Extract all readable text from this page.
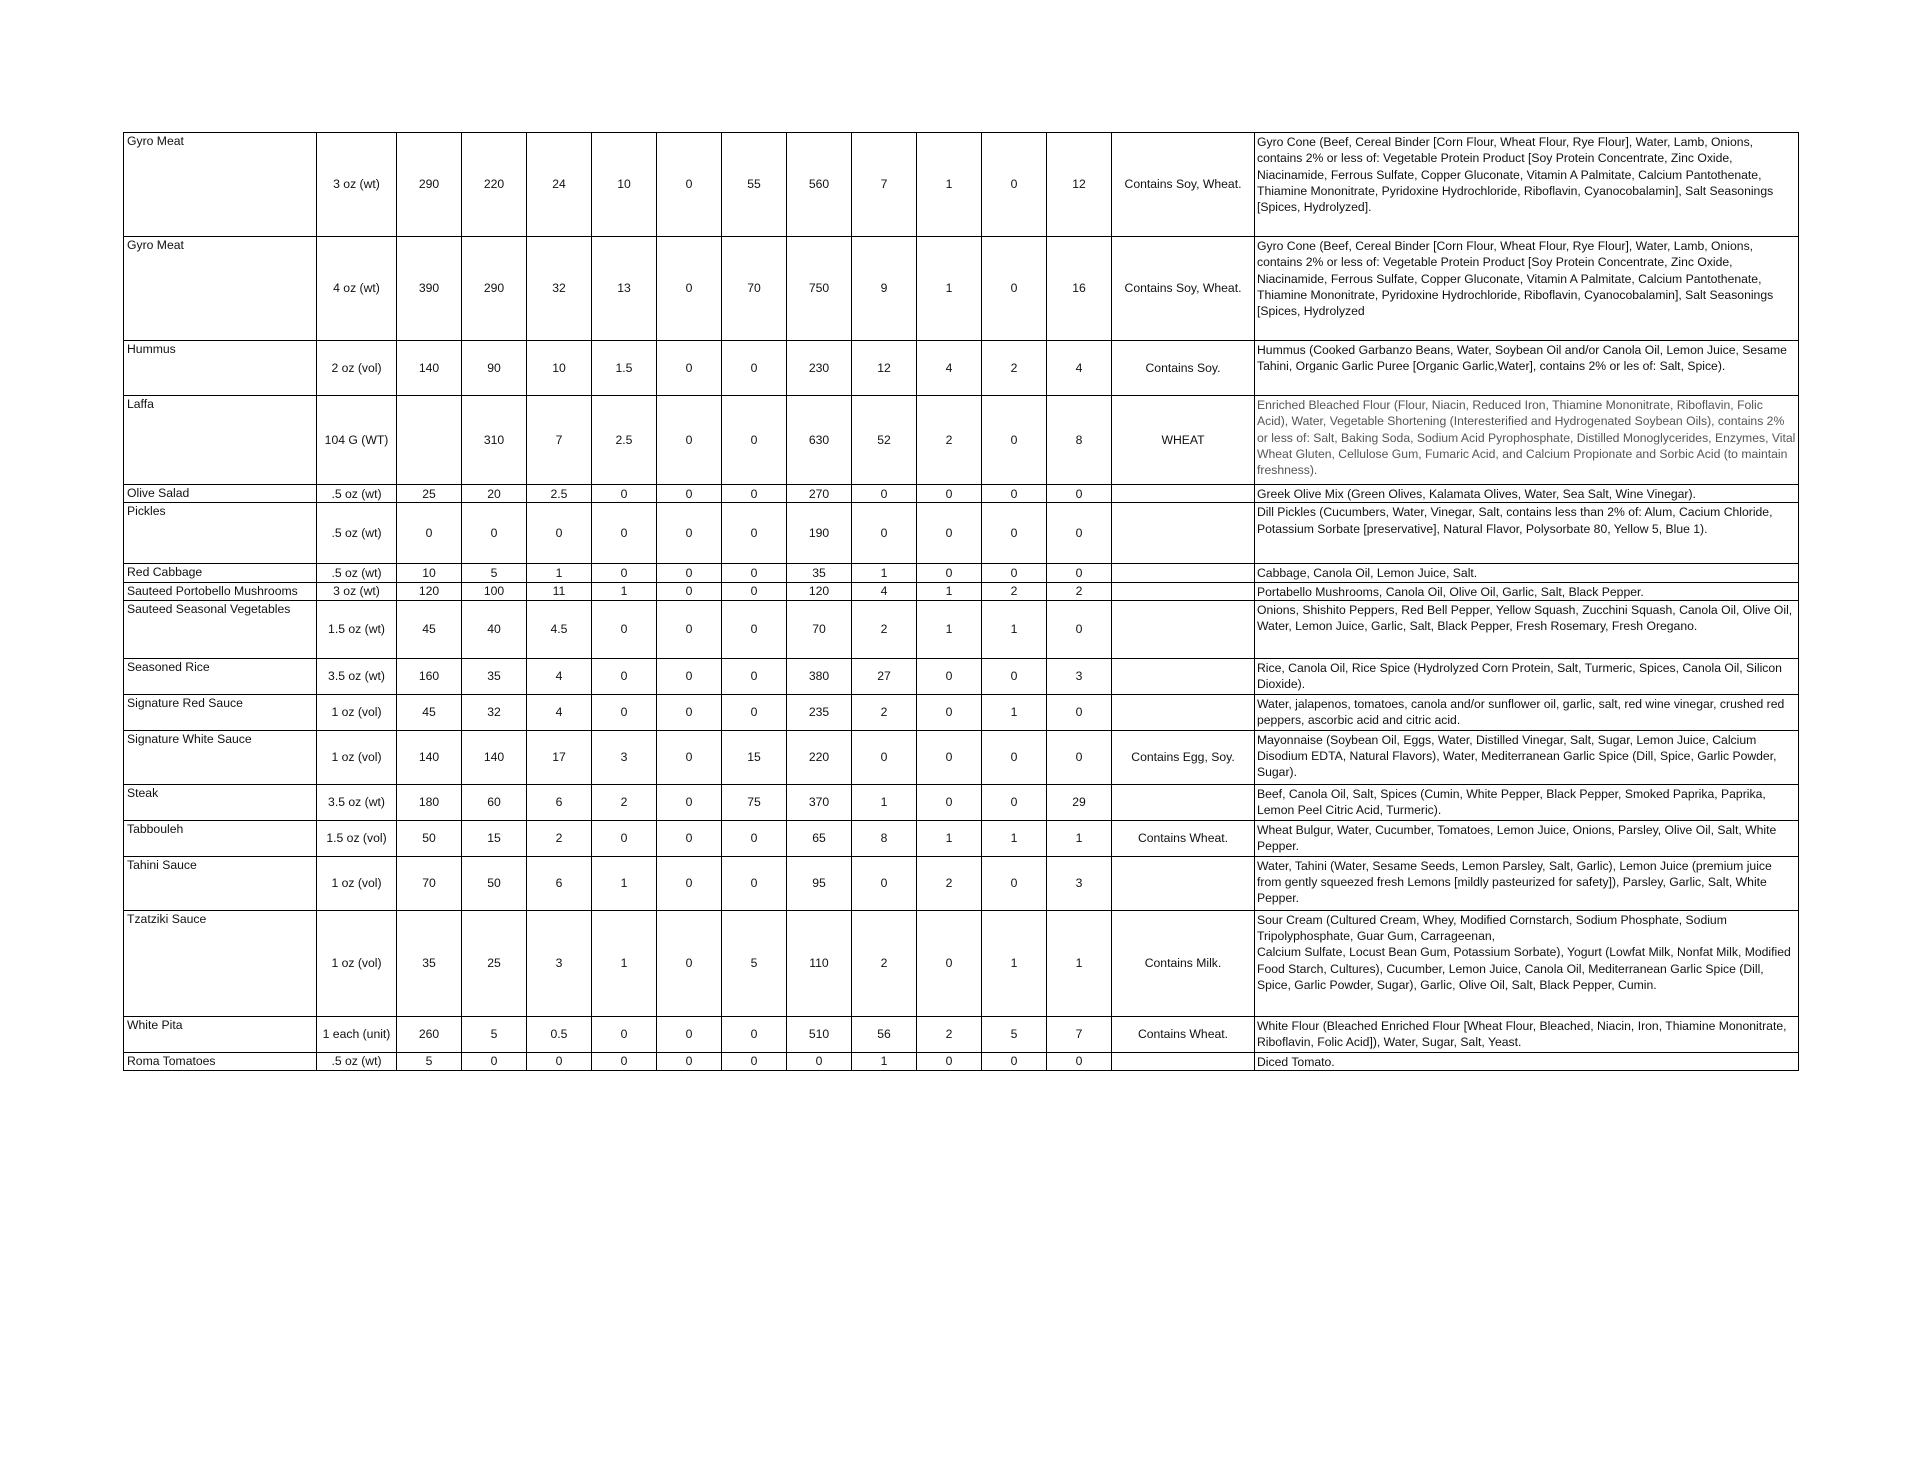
Gyro Meat	3 oz (wt)	290	220	24	10	0	55	560	7	1	0	12	Contains Soy, Wheat.	Gyro Cone (Beef, Cereal Binder [Corn Flour, Wheat Flour, Rye Flour], Water, Lamb, Onions, contains 2% or less of: Vegetable Protein Product [Soy Protein Concentrate, Zinc Oxide, Niacinamide, Ferrous Sulfate, Copper Gluconate, Vitamin A Palmitate, Calcium Pantothenate, Thiamine Mononitrate, Pyridoxine Hydrochloride, Riboflavin, Cyanocobalamin], Salt Seasonings [Spices, Hydrolyzed].
Gyro Meat	4 oz (wt)	390	290	32	13	0	70	750	9	1	0	16	Contains Soy, Wheat.	Gyro Cone (Beef, Cereal Binder [Corn Flour, Wheat Flour, Rye Flour], Water, Lamb, Onions, contains 2% or less of: Vegetable Protein Product [Soy Protein Concentrate, Zinc Oxide, Niacinamide, Ferrous Sulfate, Copper Gluconate, Vitamin A Palmitate, Calcium Pantothenate, Thiamine Mononitrate, Pyridoxine Hydrochloride, Riboflavin, Cyanocobalamin], Salt Seasonings [Spices, Hydrolyzed
Hummus	2 oz (vol)	140	90	10	1.5	0	0	230	12	4	2	4	Contains Soy.	Hummus (Cooked Garbanzo Beans, Water, Soybean Oil and/or Canola Oil, Lemon Juice, Sesame Tahini, Organic Garlic Puree [Organic Garlic,Water], contains 2% or les of: Salt, Spice).
Laffa	104 G (WT)		310	7	2.5	0	0	630	52	2	0	8	WHEAT	Enriched Bleached Flour (Flour, Niacin, Reduced Iron, Thiamine Mononitrate, Riboflavin, Folic Acid), Water, Vegetable Shortening (Interesterified and Hydrogenated Soybean Oils), contains 2% or less of: Salt, Baking Soda, Sodium Acid Pyrophosphate, Distilled Monoglycerides, Enzymes, Vital Wheat Gluten, Cellulose Gum, Fumaric Acid, and Calcium Propionate and Sorbic Acid (to maintain freshness).
Olive Salad	.5 oz (wt)	25	20	2.5	0	0	0	270	0	0	0	0		Greek Olive Mix (Green Olives, Kalamata Olives, Water, Sea Salt, Wine Vinegar).
Pickles	.5 oz (wt)	0	0	0	0	0	0	190	0	0	0	0		Dill Pickles (Cucumbers, Water, Vinegar, Salt, contains less than 2% of: Alum, Cacium Chloride, Potassium Sorbate [preservative], Natural Flavor, Polysorbate 80, Yellow 5, Blue 1).
Red Cabbage	.5 oz (wt)	10	5	1	0	0	0	35	1	0	0	0		Cabbage, Canola Oil, Lemon Juice, Salt.
Sauteed Portobello Mushrooms	3 oz (wt)	120	100	11	1	0	0	120	4	1	2	2		Portabello Mushrooms, Canola Oil, Olive Oil, Garlic, Salt, Black Pepper.
Sauteed Seasonal Vegetables	1.5 oz (wt)	45	40	4.5	0	0	0	70	2	1	1	0		Onions, Shishito Peppers, Red Bell Pepper, Yellow Squash, Zucchini Squash, Canola Oil, Olive Oil, Water, Lemon Juice, Garlic, Salt, Black Pepper, Fresh Rosemary, Fresh Oregano.
Seasoned Rice	3.5 oz (wt)	160	35	4	0	0	0	380	27	0	0	3		Rice, Canola Oil, Rice Spice (Hydrolyzed Corn Protein, Salt, Turmeric, Spices, Canola Oil, Silicon Dioxide).
Signature Red Sauce	1 oz (vol)	45	32	4	0	0	0	235	2	0	1	0		Water, jalapenos, tomatoes, canola and/or sunflower oil, garlic, salt, red wine vinegar, crushed red peppers, ascorbic acid and citric acid.
Signature White Sauce	1 oz (vol)	140	140	17	3	0	15	220	0	0	0	0	Contains Egg, Soy.	Mayonnaise (Soybean Oil, Eggs, Water, Distilled Vinegar, Salt, Sugar, Lemon Juice, Calcium Disodium EDTA, Natural Flavors), Water, Mediterranean Garlic Spice (Dill, Spice, Garlic Powder, Sugar).
Steak	3.5 oz (wt)	180	60	6	2	0	75	370	1	0	0	29		Beef, Canola Oil, Salt, Spices (Cumin, White Pepper, Black Pepper, Smoked Paprika, Paprika, Lemon Peel Citric Acid, Turmeric).
Tabbouleh	1.5 oz (vol)	50	15	2	0	0	0	65	8	1	1	1	Contains Wheat.	Wheat Bulgur, Water, Cucumber, Tomatoes, Lemon Juice, Onions, Parsley, Olive Oil, Salt, White Pepper.
Tahini Sauce	1 oz (vol)	70	50	6	1	0	0	95	0	2	0	3		Water, Tahini (Water, Sesame Seeds, Lemon Parsley, Salt, Garlic), Lemon Juice (premium juice from gently squeezed fresh Lemons [mildly pasteurized for safety]), Parsley, Garlic, Salt, White Pepper.
Tzatziki Sauce	1 oz (vol)	35	25	3	1	0	5	110	2	0	1	1	Contains Milk.	Sour Cream (Cultured Cream, Whey, Modified Cornstarch, Sodium Phosphate, Sodium Tripolyphosphate, Guar Gum, Carrageenan,
Calcium Sulfate, Locust Bean Gum, Potassium Sorbate), Yogurt (Lowfat Milk, Nonfat Milk, Modified Food Starch, Cultures), Cucumber, Lemon Juice, Canola Oil, Mediterranean Garlic Spice (Dill, Spice, Garlic Powder, Sugar), Garlic, Olive Oil, Salt, Black Pepper, Cumin.
White Pita	1 each (unit)	260	5	0.5	0	0	0	510	56	2	5	7	Contains Wheat.	White Flour (Bleached Enriched Flour [Wheat Flour, Bleached, Niacin, Iron, Thiamine Mononitrate, Riboflavin, Folic Acid]), Water, Sugar, Salt, Yeast.
Roma Tomatoes	.5 oz (wt)	5	0	0	0	0	0	0	1	0	0	0		Diced Tomato.
